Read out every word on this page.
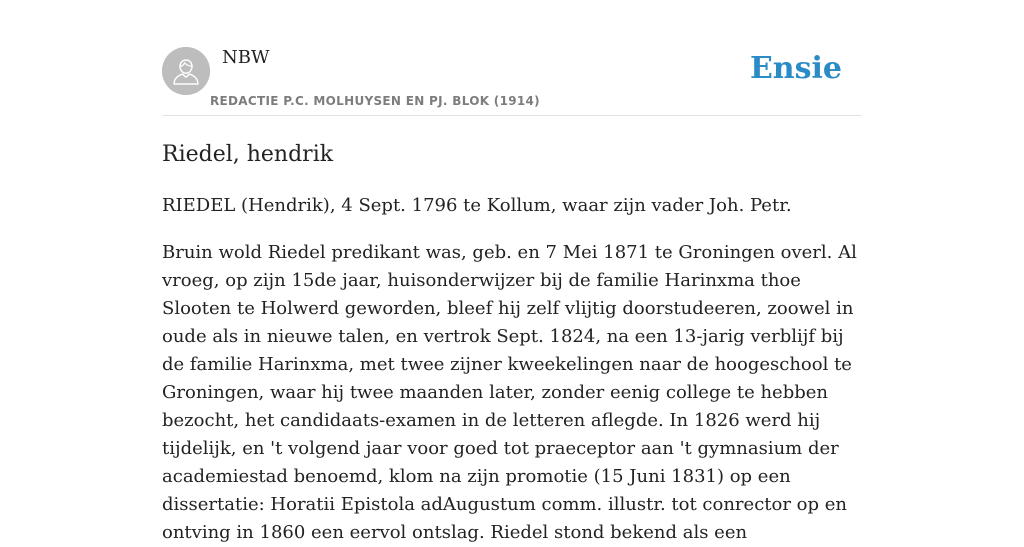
NBW
REDACTIE P.C. MOLHUYSEN EN PJ. BLOK (1914)
Ensie
Riedel, hendrik

RIEDEL (Hendrik), 4 Sept. 1796 te Kollum, waar zijn vader Joh. Petr.

Bruin wold Riedel predikant was, geb. en 7 Mei 1871 te Groningen overl. Al vroeg, op zijn 15de jaar, huisonderwijzer bij de familie Harinxma thoe Slooten te Holwerd geworden, bleef hij zelf vlijtig doorstudeeren, zoowel in oude als in nieuwe talen, en vertrok Sept. 1824, na een 13-jarig verblijf bij de familie Harinxma, met twee zijner kweekelingen naar de hoogeschool te Groningen, waar hij twee maanden later, zonder eenig college te hebben bezocht, het candidaats-examen in de letteren aflegde. In 1826 werd hij tijdelijk, en 't volgend jaar voor goed tot praeceptor aan 't gymnasium der academiestad benoemd, klom na zijn promotie (15 Juni 1831) op een dissertatie: Horatii Epistola adAugustum comm. illustr. tot conrector op en ontving in 1860 een eervol ontslag. Riedel stond bekend als een
